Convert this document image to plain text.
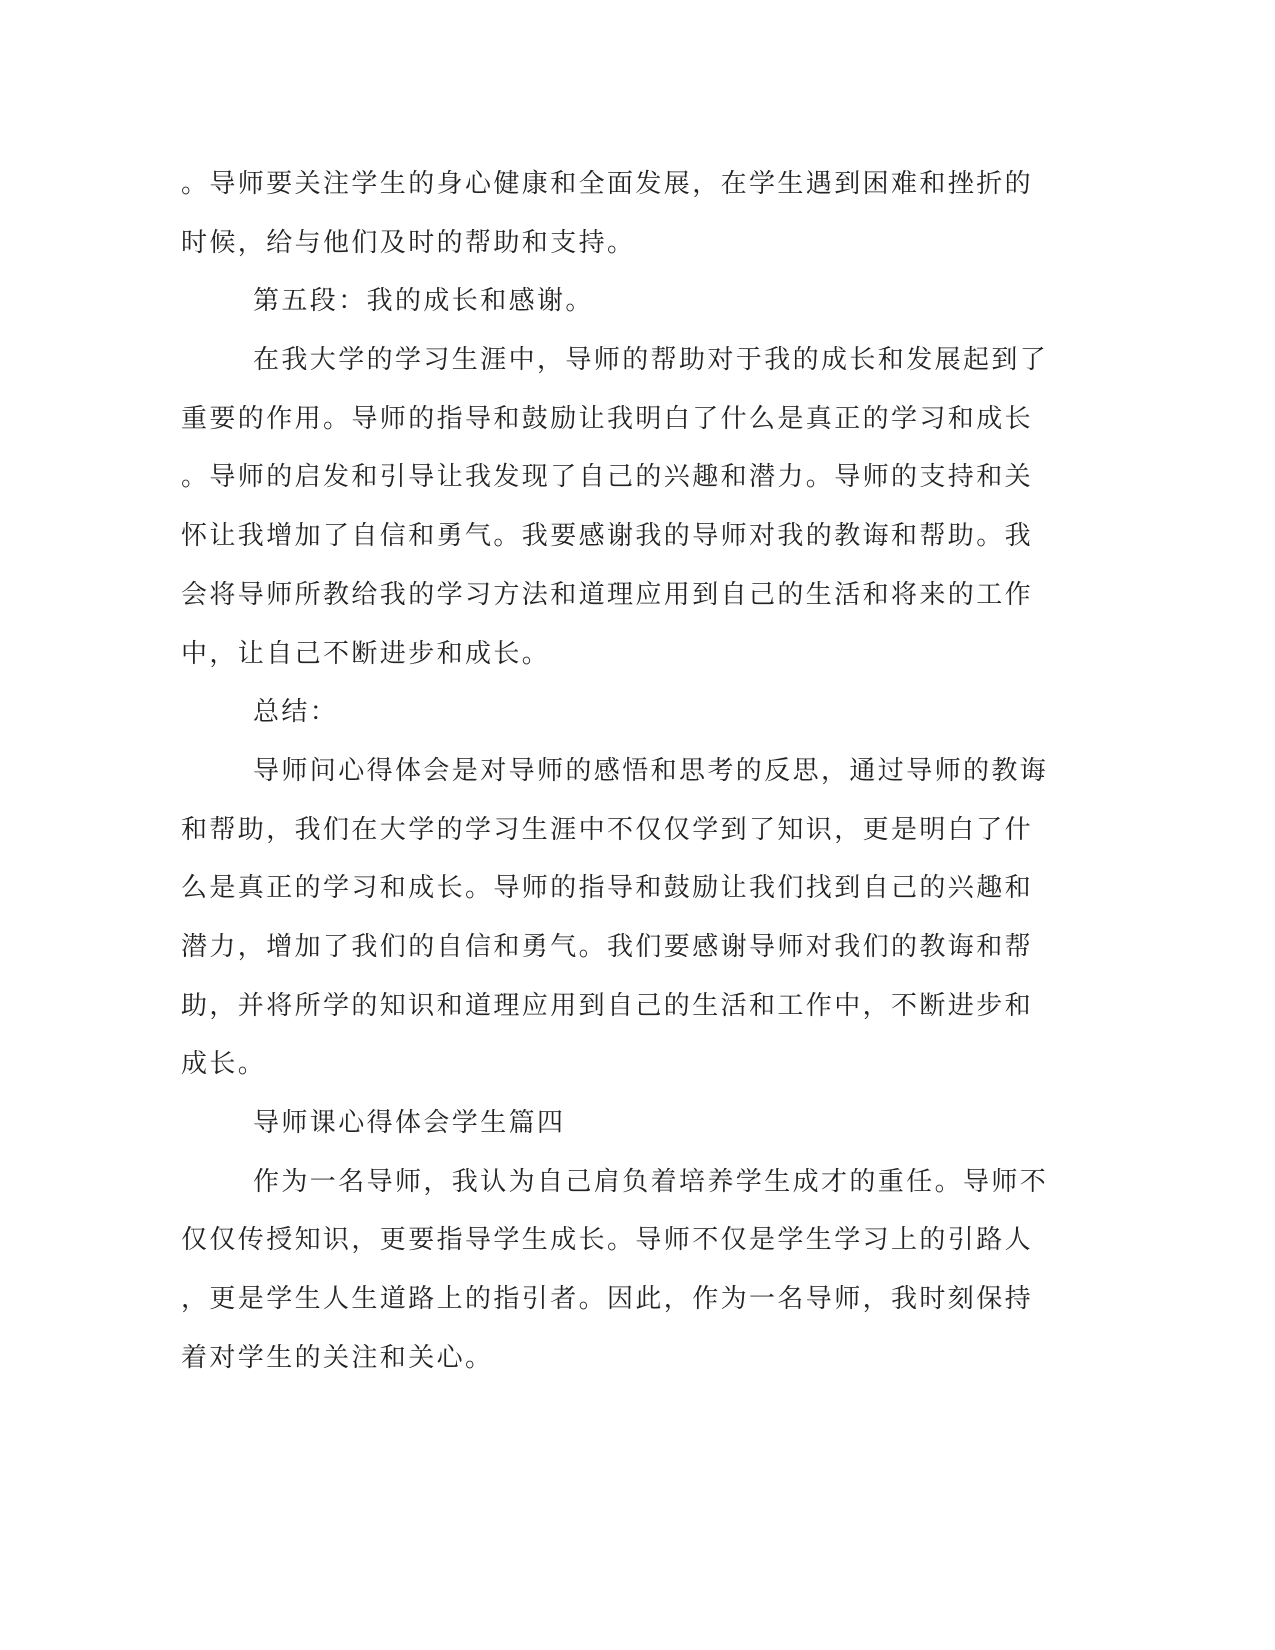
。导师要关注学生的身心健康和全面发展，在学生遇到困难和挫折的
时候，给与他们及时的帮助和支持。
第五段：我的成长和感谢。
在我大学的学习生涯中，导师的帮助对于我的成长和发展起到了
重要的作用。导师的指导和鼓励让我明白了什么是真正的学习和成长
。导师的启发和引导让我发现了自己的兴趣和潜力。导师的支持和关
怀让我增加了自信和勇气。我要感谢我的导师对我的教诲和帮助。我
会将导师所教给我的学习方法和道理应用到自己的生活和将来的工作
中，让自己不断进步和成长。
总结：
导师问心得体会是对导师的感悟和思考的反思，通过导师的教诲
和帮助，我们在大学的学习生涯中不仅仅学到了知识，更是明白了什
么是真正的学习和成长。导师的指导和鼓励让我们找到自己的兴趣和
潜力，增加了我们的自信和勇气。我们要感谢导师对我们的教诲和帮
助，并将所学的知识和道理应用到自己的生活和工作中，不断进步和
成长。
导师课心得体会学生篇四
作为一名导师，我认为自己肩负着培养学生成才的重任。导师不
仅仅传授知识，更要指导学生成长。导师不仅是学生学习上的引路人
，更是学生人生道路上的指引者。因此，作为一名导师，我时刻保持
着对学生的关注和关心。
